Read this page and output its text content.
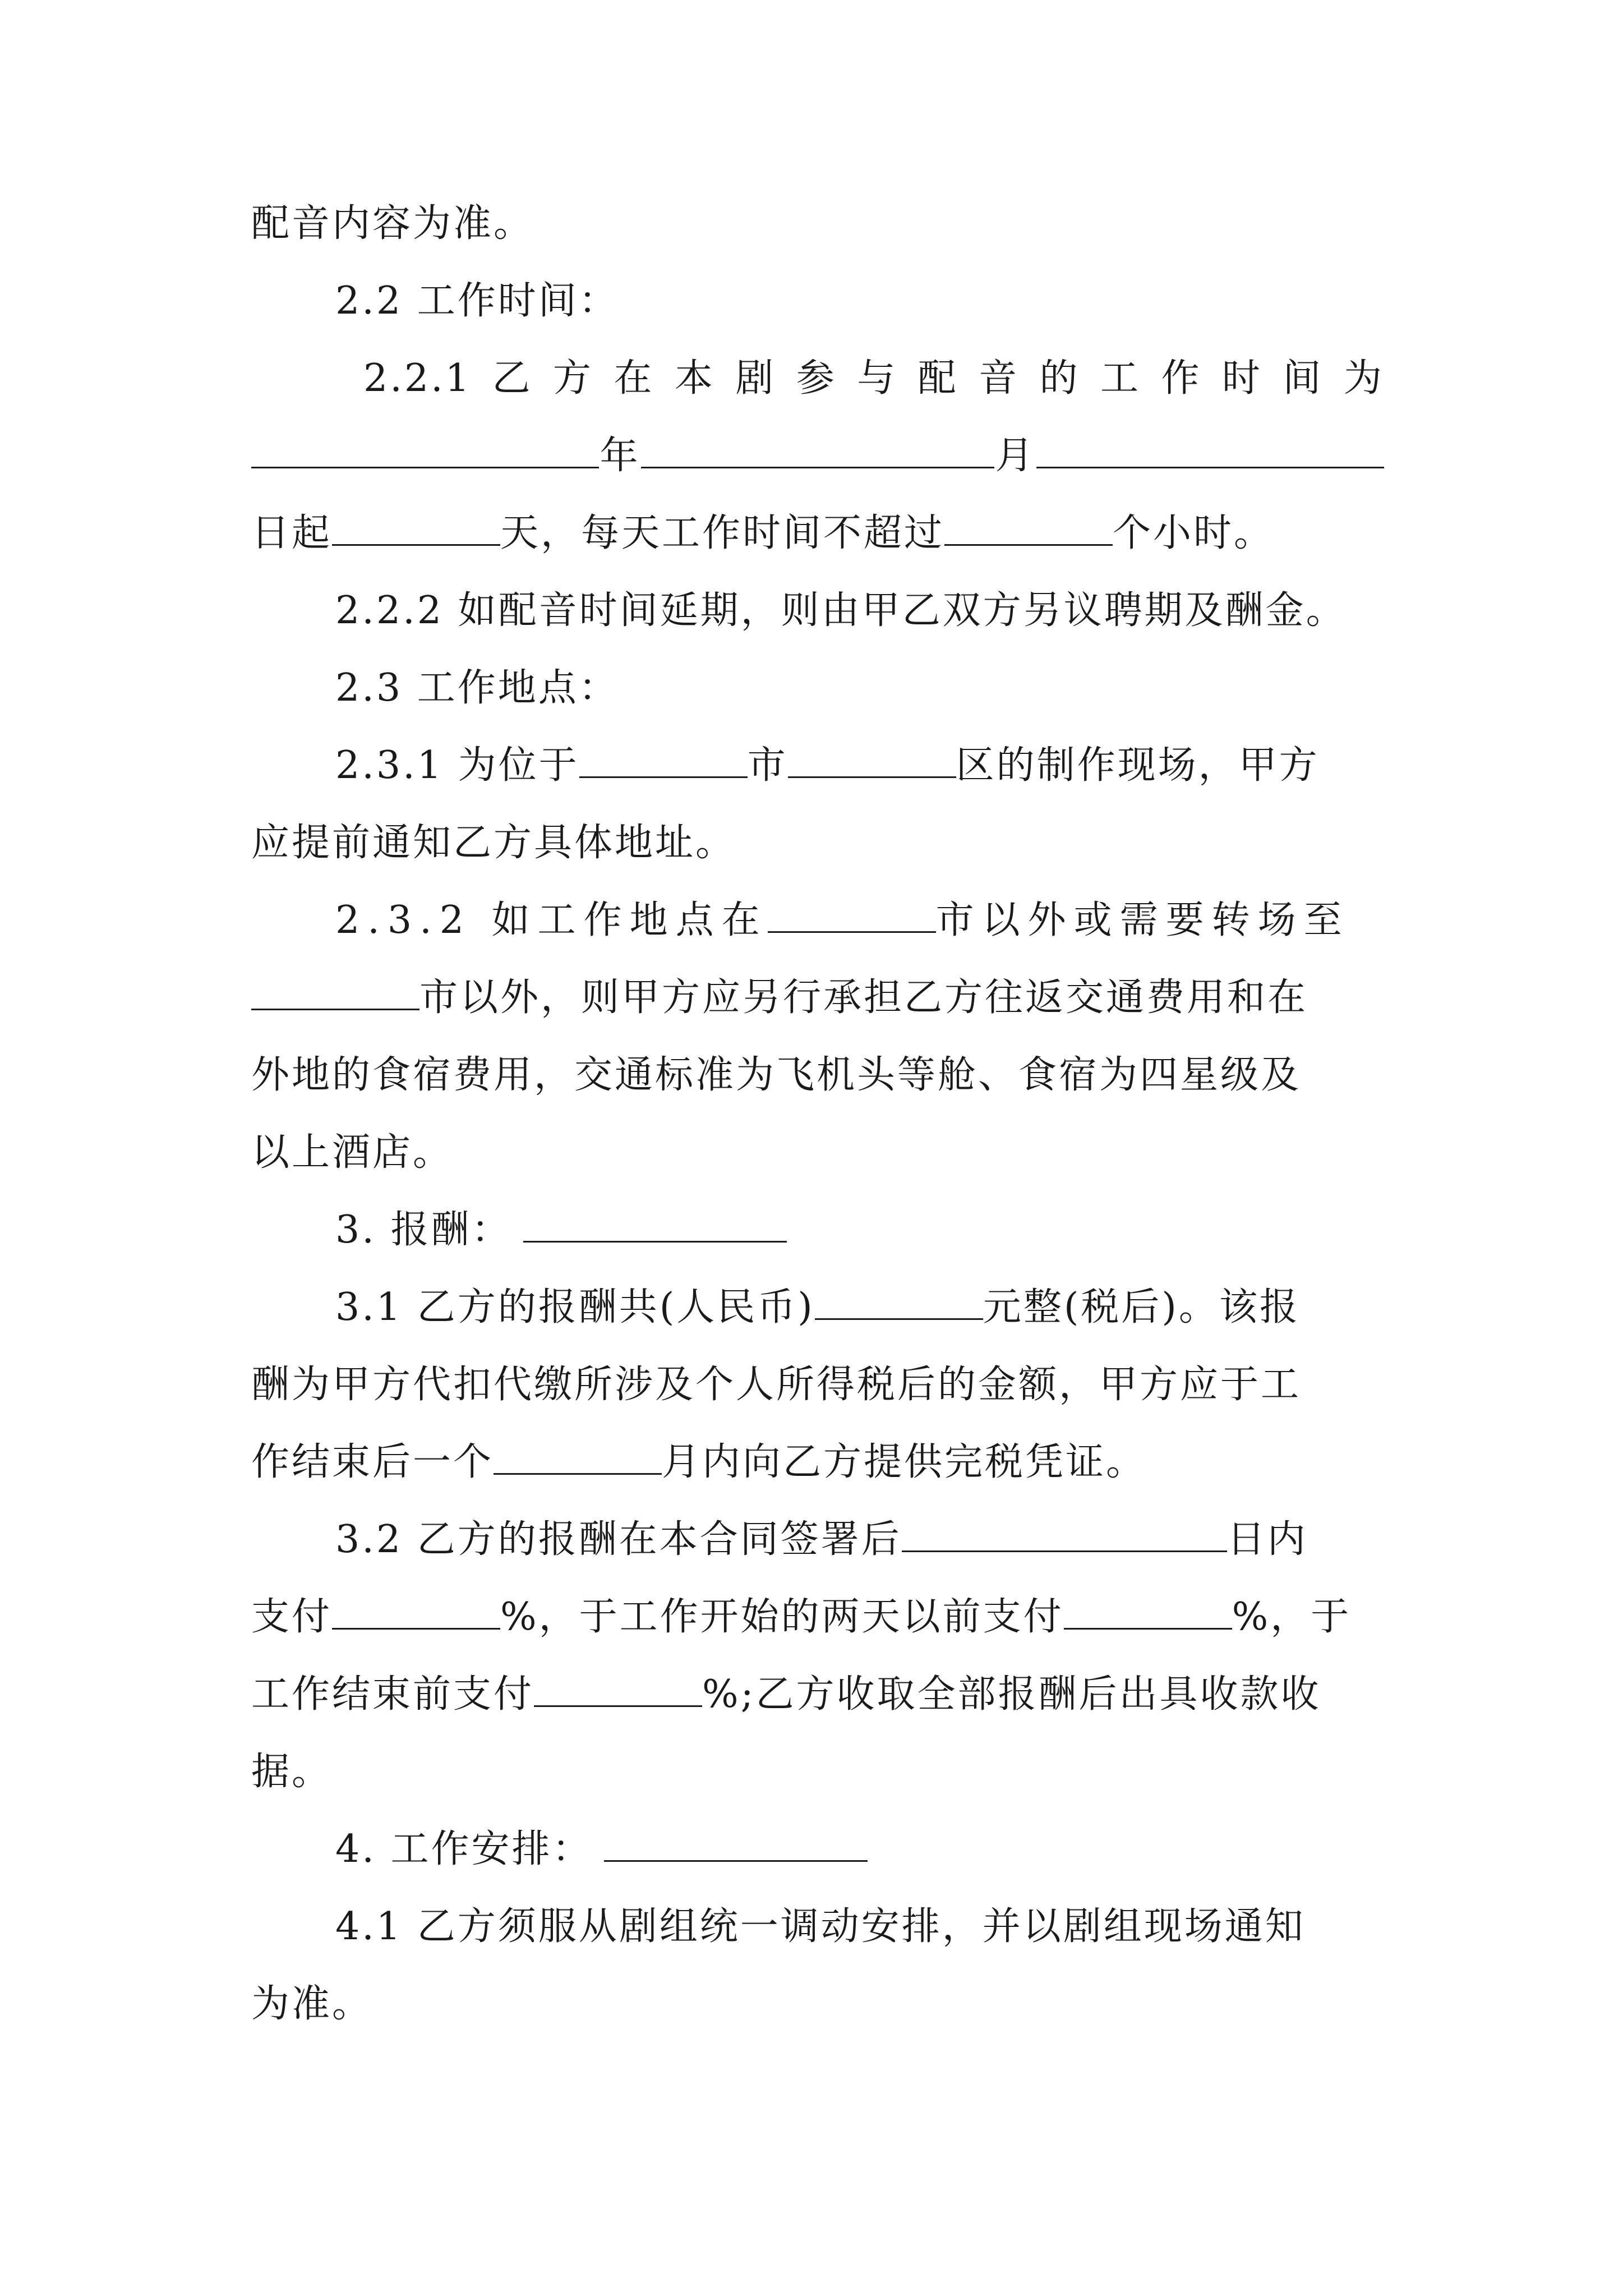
配音内容为准。
2.2 工作时间：
2.2.1 乙 方 在 本 剧 参 与 配 音 的 工 作 时 间 为
年	月
日起	天，每天工作时间不超过	个小时。
2.2.2 如配音时间延期，则由甲乙双方另议聘期及酬金。
2.3 工作地点：
2.3.1 为位于	市	区的制作现场，甲方
应提前通知乙方具体地址。
2.3.2 如工作地点在	市以外或需要转场至
市以外，则甲方应另行承担乙方往返交通费用和在
外地的食宿费用，交通标准为飞机头等舱、食宿为四星级及
以上酒店。
3. 报酬：
3.1 乙方的报酬共(人民币)	元整(税后)。该报
酬为甲方代扣代缴所涉及个人所得税后的金额，甲方应于工
作结束后一个	月内向乙方提供完税凭证。
3.2 乙方的报酬在本合同签署后	日内
支付	%，于工作开始的两天以前支付	%，于
工作结束前支付	%;乙方收取全部报酬后出具收款收
据。
4. 工作安排：
4.1 乙方须服从剧组统一调动安排，并以剧组现场通知
为准。
